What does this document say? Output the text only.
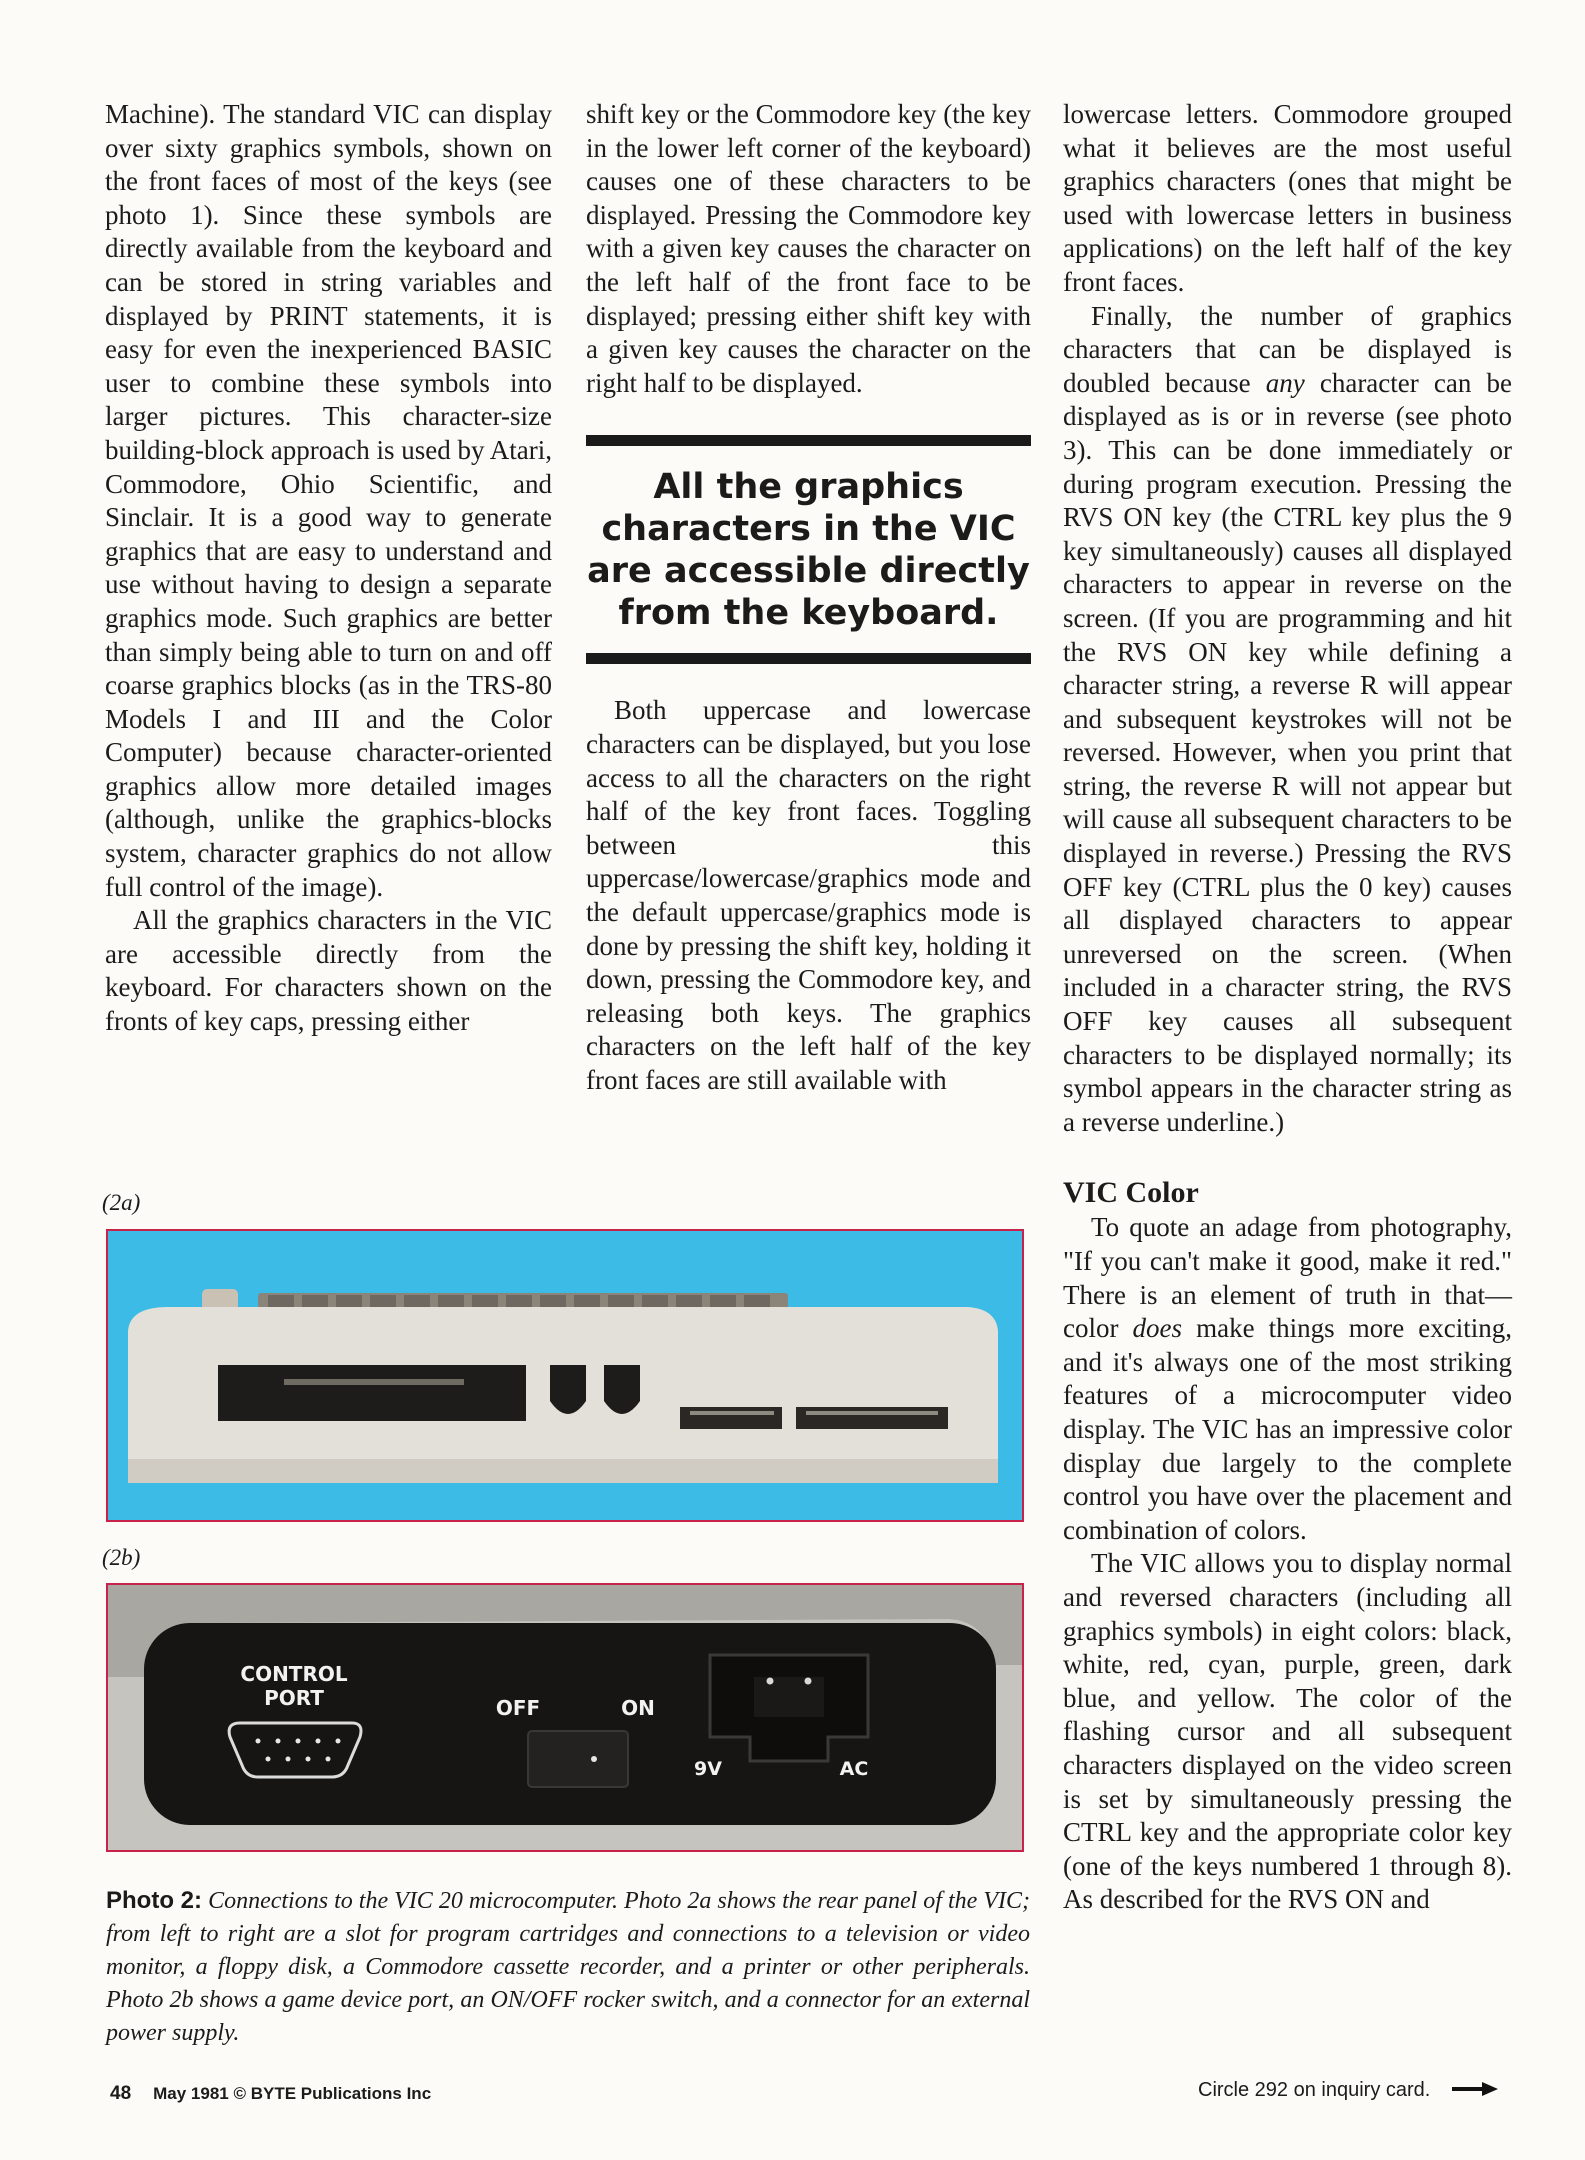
Machine). The standard VIC can display over sixty graphics symbols, shown on the front faces of most of the keys (see photo 1). Since these symbols are directly available from the keyboard and can be stored in string variables and displayed by PRINT statements, it is easy for even the inexperienced BASIC user to combine these symbols into larger pictures. This character-size building-block approach is used by Atari, Commodore, Ohio Scientific, and Sinclair. It is a good way to generate graphics that are easy to understand and use without having to design a separate graphics mode. Such graphics are better than simply being able to turn on and off coarse graphics blocks (as in the TRS-80 Models I and III and the Color Computer) because character-oriented graphics allow more detailed images (although, unlike the graphics-blocks system, character graphics do not allow full control of the image).

All the graphics characters in the VIC are accessible directly from the keyboard. For characters shown on the fronts of key caps, pressing either

shift key or the Commodore key (the key in the lower left corner of the keyboard) causes one of these characters to be displayed. Pressing the Commodore key with a given key causes the character on the left half of the front face to be displayed; pressing either shift key with a given key causes the character on the right half to be displayed.

All the graphics characters in the VIC are accessible directly from the keyboard.

Both uppercase and lowercase characters can be displayed, but you lose access to all the characters on the right half of the key front faces. Toggling between this uppercase/lowercase/graphics mode and the default uppercase/graphics mode is done by pressing the shift key, holding it down, pressing the Commodore key, and releasing both keys. The graphics characters on the left half of the key front faces are still available with

lowercase letters. Commodore grouped what it believes are the most useful graphics characters (ones that might be used with lowercase letters in business applications) on the left half of the key front faces.

Finally, the number of graphics characters that can be displayed is doubled because any character can be displayed as is or in reverse (see photo 3). This can be done immediately or during program execution. Pressing the RVS ON key (the CTRL key plus the 9 key simultaneously) causes all displayed characters to appear in reverse on the screen. (If you are programming and hit the RVS ON key while defining a character string, a reverse R will appear and subsequent keystrokes will not be reversed. However, when you print that string, the reverse R will not appear but will cause all subsequent characters to be displayed in reverse.) Pressing the RVS OFF key (CTRL plus the 0 key) causes all displayed characters to appear unreversed on the screen. (When included in a character string, the RVS OFF key causes all subsequent characters to be displayed normally; its symbol appears in the character string as a reverse underline.)

VIC Color

To quote an adage from photography, "If you can't make it good, make it red." There is an element of truth in that—color does make things more exciting, and it's always one of the most striking features of a microcomputer video display. The VIC has an impressive color display due largely to the complete control you have over the placement and combination of colors.

The VIC allows you to display normal and reversed characters (including all graphics symbols) in eight colors: black, white, red, cyan, purple, green, dark blue, and yellow. The color of the flashing cursor and all subsequent characters displayed on the video screen is set by simultaneously pressing the CTRL key and the appropriate color key (one of the keys numbered 1 through 8). As described for the RVS ON and

(2a)
(2b)
CONTROL
PORT	OFF	ON
9V	AC
Photo 2: Connections to the VIC 20 microcomputer. Photo 2a shows the rear panel of the VIC; from left to right are a slot for program cartridges and connections to a television or video monitor, a floppy disk, a Commodore cassette recorder, and a printer or other peripherals. Photo 2b shows a game device port, an ON/OFF rocker switch, and a connector for an external power supply.
48 May 1981 © BYTE Publications Inc	Circle 292 on inquiry card.
